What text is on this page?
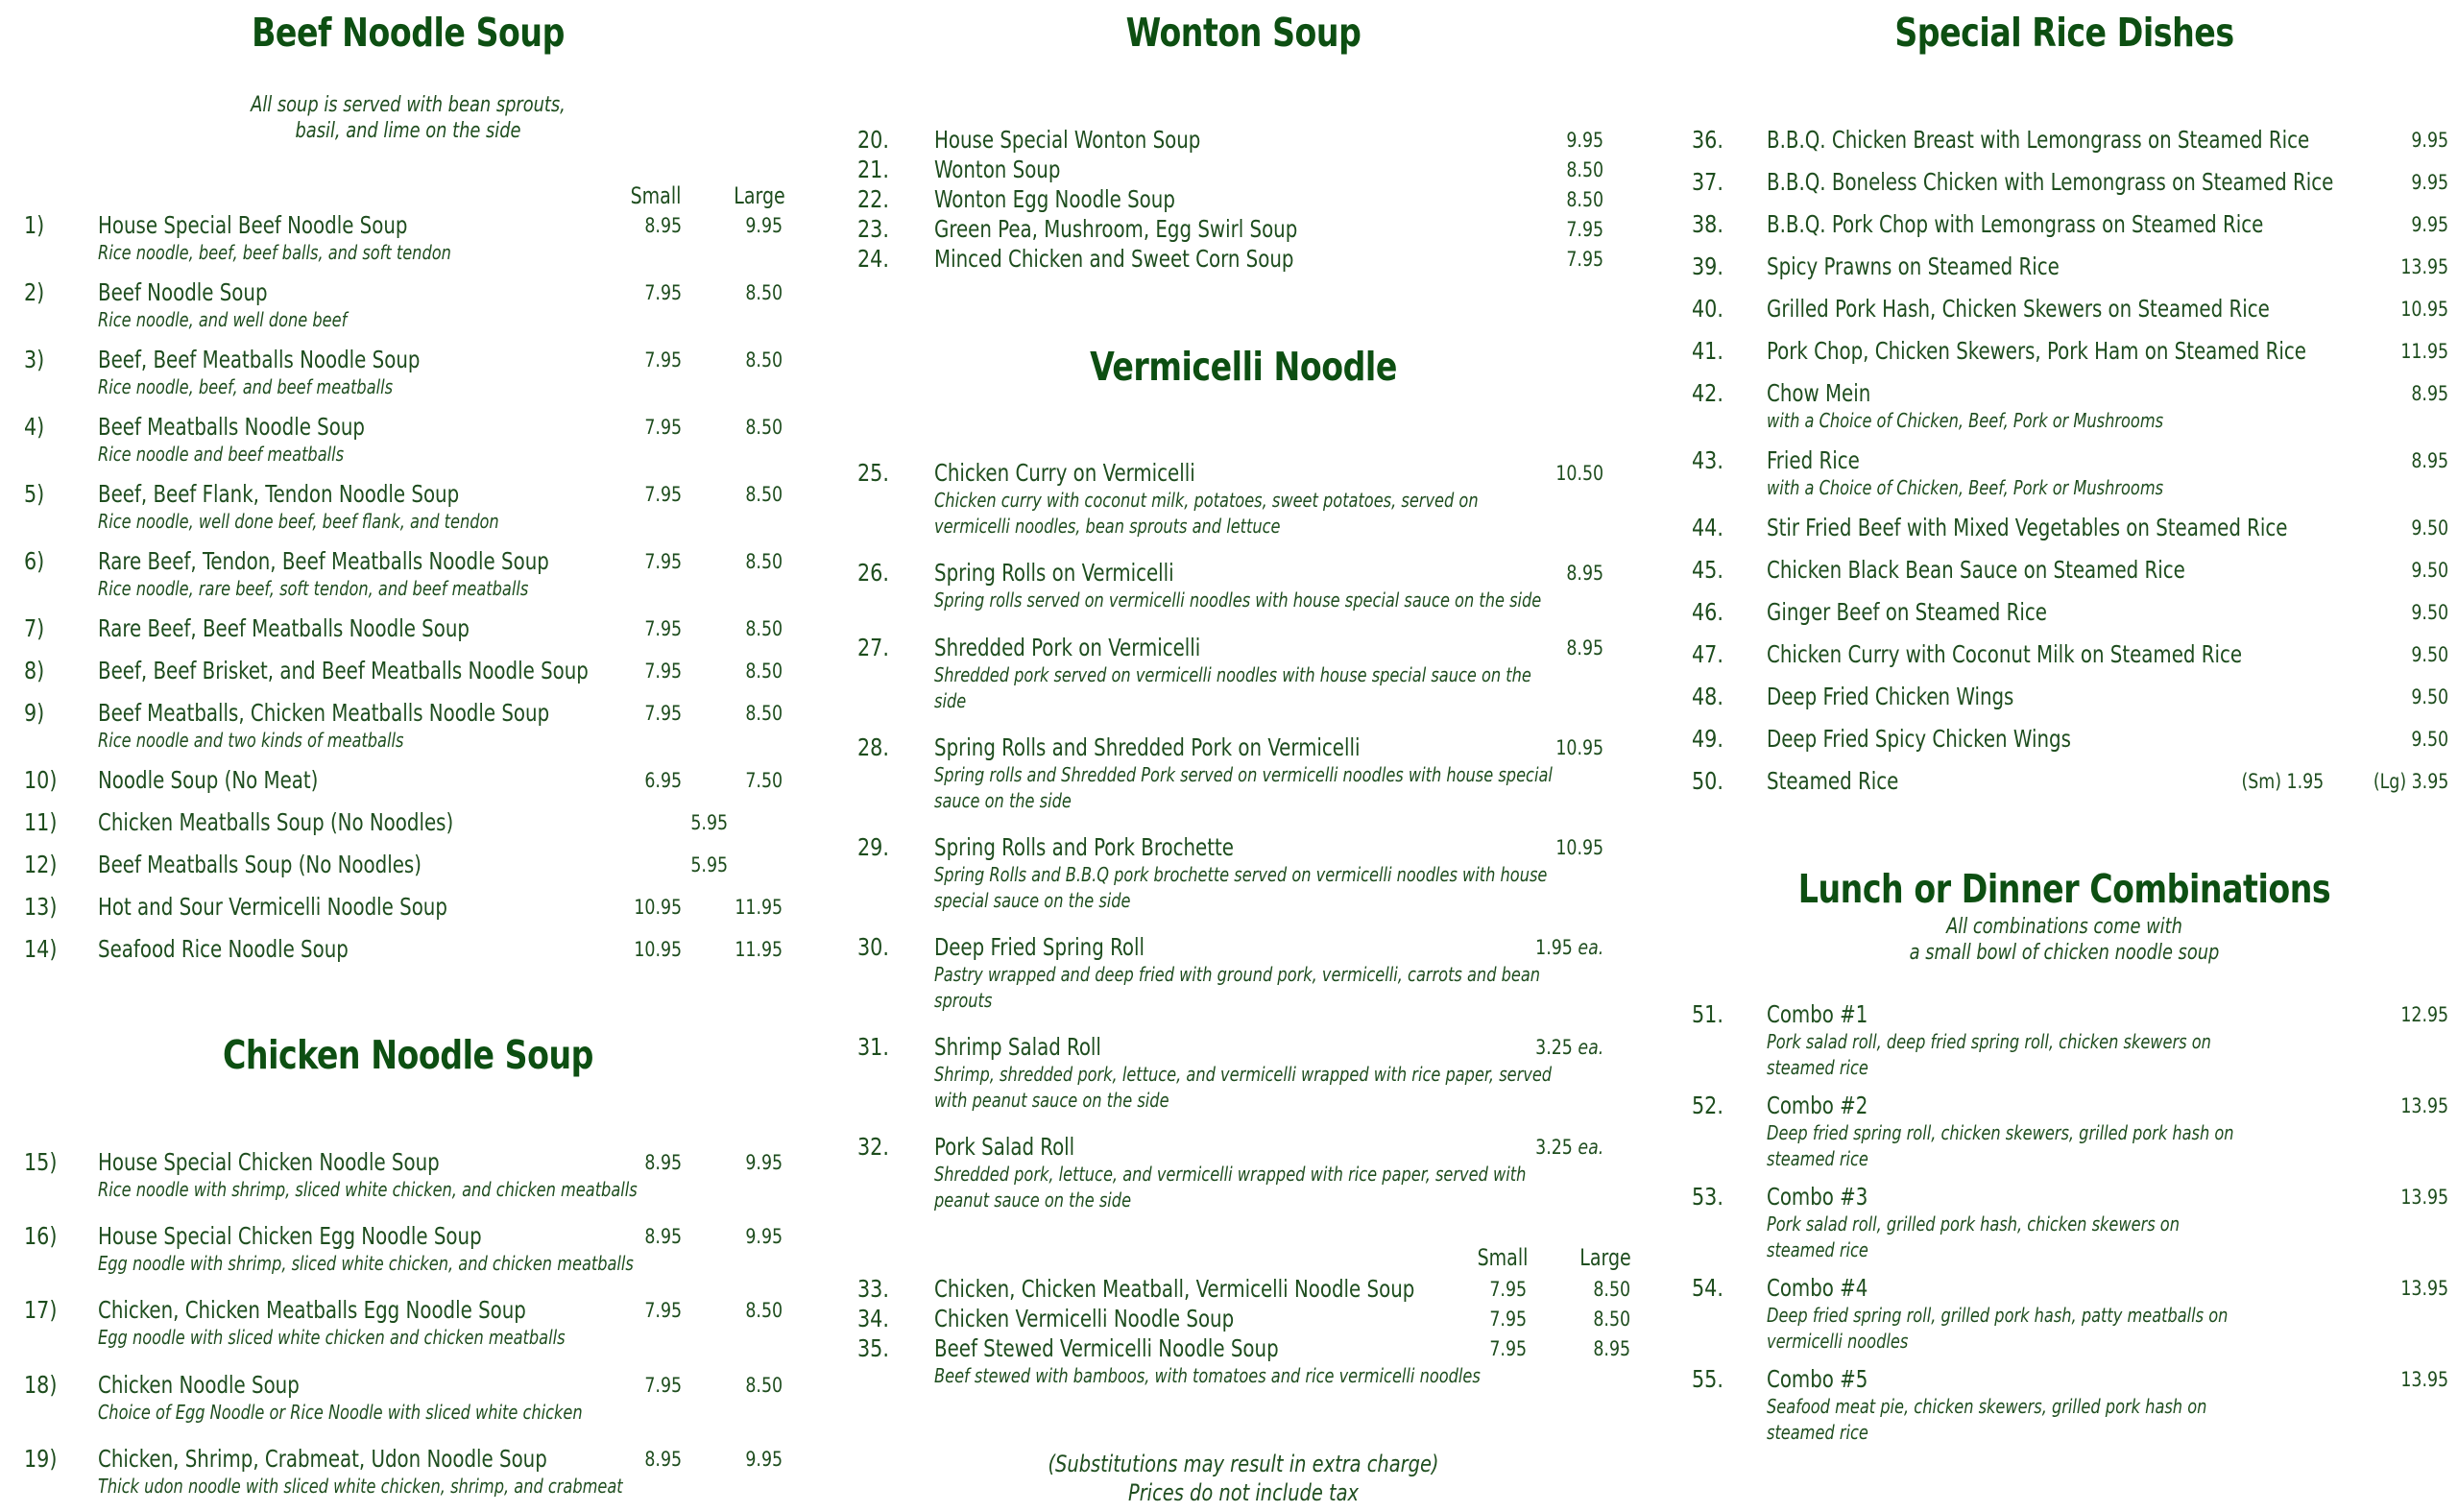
Beef Noodle Soup
All soup is served with bean sprouts,
basil, and lime on the side
Small	Large
1) House Special Beef Noodle Soup
Rice noodle, beef, beef balls, and soft tendon
8.95	9.95
2) Beef Noodle Soup
Rice noodle, and well done beef
7.95	8.50
3) Beef, Beef Meatballs Noodle Soup
Rice noodle, beef, and beef meatballs
7.95	8.50
4) Beef Meatballs Noodle Soup
Rice noodle and beef meatballs
7.95	8.50
5) Beef, Beef Flank, Tendon Noodle Soup
Rice noodle, well done beef, beef flank, and tendon
7.95	8.50
6) Rare Beef, Tendon, Beef Meatballs Noodle Soup
Rice noodle, rare beef, soft tendon, and beef meatballs
7.95	8.50
7) Rare Beef, Beef Meatballs Noodle Soup	7.95	8.50
8) Beef, Beef Brisket, and Beef Meatballs Noodle Soup	7.95	8.50
9) Beef Meatballs, Chicken Meatballs Noodle Soup
Rice noodle and two kinds of meatballs
7.95	8.50
10) Noodle Soup (No Meat)	6.95	7.50
11) Chicken Meatballs Soup (No Noodles)	5.95
12) Beef Meatballs Soup (No Noodles)	5.95
13) Hot and Sour Vermicelli Noodle Soup	10.95	11.95
14) Seafood Rice Noodle Soup	10.95	11.95
Chicken Noodle Soup
15) House Special Chicken Noodle Soup
Rice noodle with shrimp, sliced white chicken, and chicken meatballs
8.95	9.95
16) House Special Chicken Egg Noodle Soup
Egg noodle with shrimp, sliced white chicken, and chicken meatballs
8.95	9.95
17) Chicken, Chicken Meatballs Egg Noodle Soup
Egg noodle with sliced white chicken and chicken meatballs
7.95	8.50
18) Chicken Noodle Soup
Choice of Egg Noodle or Rice Noodle with sliced white chicken
7.95	8.50
19) Chicken, Shrimp, Crabmeat, Udon Noodle Soup
Thick udon noodle with sliced white chicken, shrimp, and crabmeat
8.95	9.95
Wonton Soup
20. House Special Wonton Soup	9.95
21. Wonton Soup	8.50
22. Wonton Egg Noodle Soup	8.50
23. Green Pea, Mushroom, Egg Swirl Soup	7.95
24. Minced Chicken and Sweet Corn Soup	7.95
Vermicelli Noodle
25. Chicken Curry on Vermicelli
Chicken curry with coconut milk, potatoes, sweet potatoes, served on vermicelli noodles, bean sprouts and lettuce
10.50
26. Spring Rolls on Vermicelli
Spring rolls served on vermicelli noodles with house special sauce on the side
8.95
27. Shredded Pork on Vermicelli
Shredded pork served on vermicelli noodles with house special sauce on the side
8.95
28. Spring Rolls and Shredded Pork on Vermicelli
Spring rolls and Shredded Pork served on vermicelli noodles with house special sauce on the side
10.95
29. Spring Rolls and Pork Brochette
Spring Rolls and B.B.Q pork brochette served on vermicelli noodles with house special sauce on the side
10.95
30. Deep Fried Spring Roll
Pastry wrapped and deep fried with ground pork, vermicelli, carrots and bean sprouts
1.95 ea.
31. Shrimp Salad Roll
Shrimp, shredded pork, lettuce, and vermicelli wrapped with rice paper, served with peanut sauce on the side
3.25 ea.
32. Pork Salad Roll
Shredded pork, lettuce, and vermicelli wrapped with rice paper, served with peanut sauce on the side
3.25 ea.
Small	Large
33. Chicken, Chicken Meatball, Vermicelli Noodle Soup	7.95	8.50
34. Chicken Vermicelli Noodle Soup	7.95	8.50
35. Beef Stewed Vermicelli Noodle Soup
Beef stewed with bamboos, with tomatoes and rice vermicelli noodles
7.95	8.95
(Substitutions may result in extra charge)
Prices do not include tax
Special Rice Dishes
36. B.B.Q. Chicken Breast with Lemongrass on Steamed Rice	9.95
37. B.B.Q. Boneless Chicken with Lemongrass on Steamed Rice	9.95
38. B.B.Q. Pork Chop with Lemongrass on Steamed Rice	9.95
39. Spicy Prawns on Steamed Rice	13.95
40. Grilled Pork Hash, Chicken Skewers on Steamed Rice	10.95
41. Pork Chop, Chicken Skewers, Pork Ham on Steamed Rice	11.95
42. Chow Mein
with a Choice of Chicken, Beef, Pork or Mushrooms
8.95
43. Fried Rice
with a Choice of Chicken, Beef, Pork or Mushrooms
8.95
44. Stir Fried Beef with Mixed Vegetables on Steamed Rice	9.50
45. Chicken Black Bean Sauce on Steamed Rice	9.50
46. Ginger Beef on Steamed Rice	9.50
47. Chicken Curry with Coconut Milk on Steamed Rice	9.50
48. Deep Fried Chicken Wings	9.50
49. Deep Fried Spicy Chicken Wings	9.50
50. Steamed Rice	(Sm) 1.95 (Lg) 3.95
Lunch or Dinner Combinations
All combinations come with
a small bowl of chicken noodle soup
51. Combo #1
Pork salad roll, deep fried spring roll, chicken skewers on steamed rice
12.95
52. Combo #2
Deep fried spring roll, chicken skewers, grilled pork hash on steamed rice
13.95
53. Combo #3
Pork salad roll, grilled pork hash, chicken skewers on steamed rice
13.95
54. Combo #4
Deep fried spring roll, grilled pork hash, patty meatballs on vermicelli noodles
13.95
55. Combo #5
Seafood meat pie, chicken skewers, grilled pork hash on steamed rice
13.95
